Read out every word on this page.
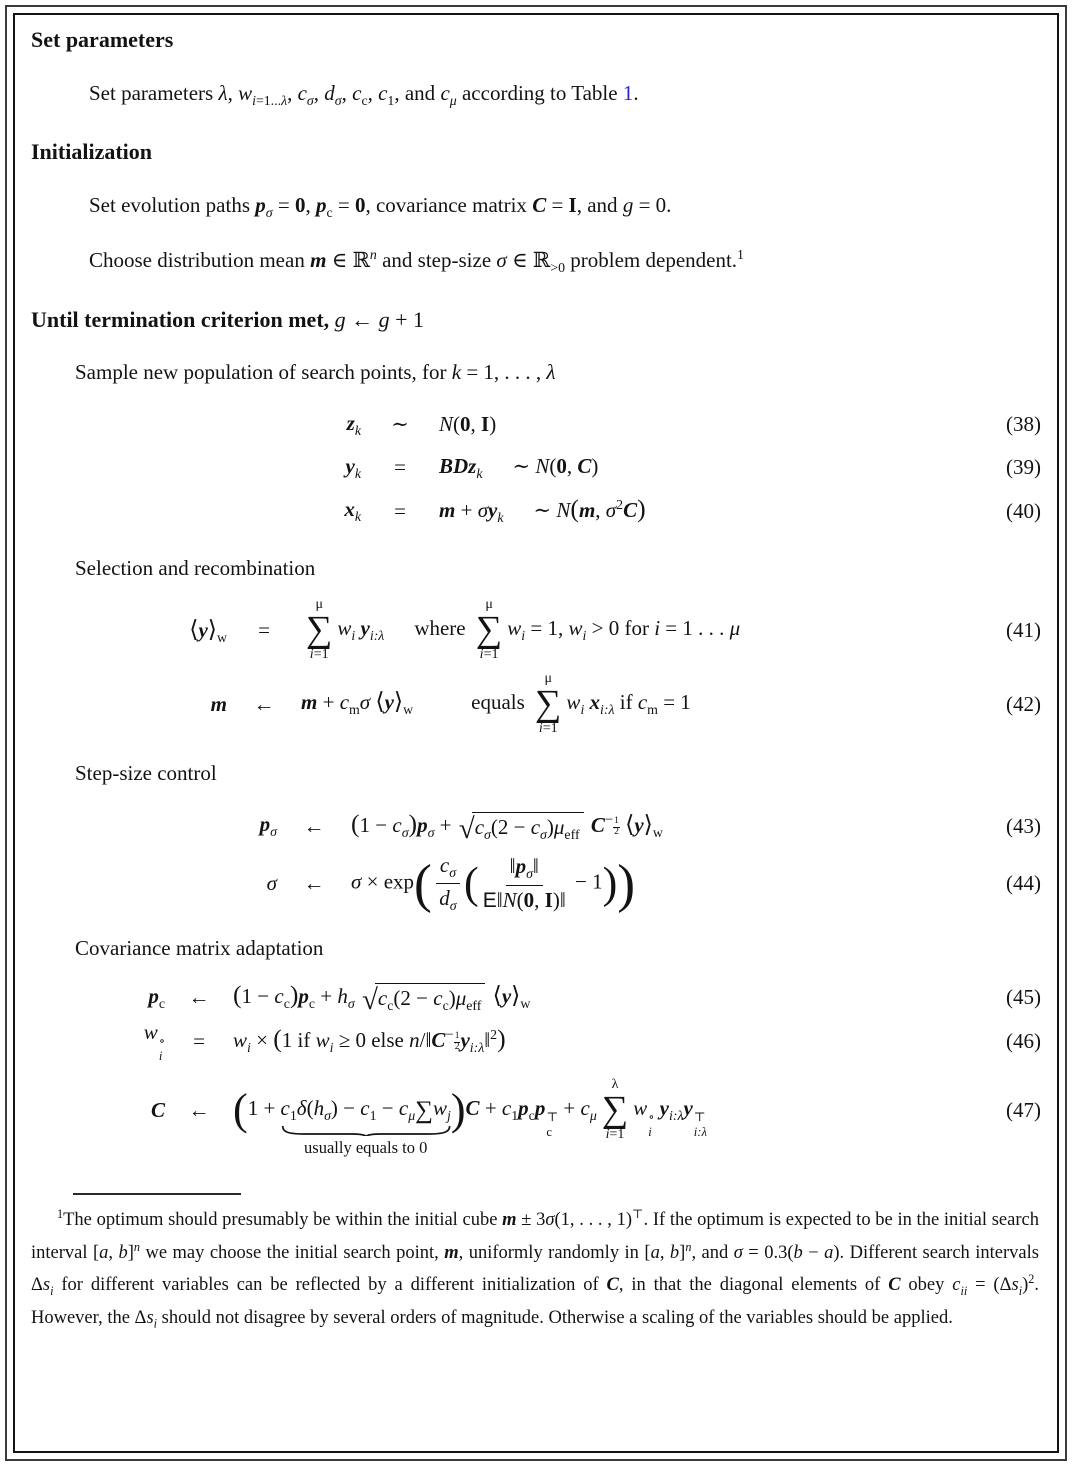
Set parameters
Set parameters λ, $w_{i=1...\lambda}$, $c_\sigma$, $d_\sigma$, $c_c$, $c_1$, and $c_\mu$ according to Table 1.
Initialization
Set evolution paths $p_\sigma = 0$, $p_c = 0$, covariance matrix C = I, and g = 0.
Choose distribution mean m ∈ ℝ$^n$ and step-size σ ∈ ℝ$_{>0}$ problem dependent.$^1$
Until termination criterion met, g ← g + 1
Sample new population of search points, for k = 1, . . . , λ
$z_k$	∼	N(0, I)	(38)
$y_k$	=	BDz$_k$ ∼ N(0, C)	(39)
$x_k$	=	$m + \sigma y_k$ ∼ N(m, $\sigma^2C$)	(40)
Selection and recombination
$⟨y⟩_w$	=
μ
∑
i=1
$w_i$ $y_{i:\lambda}$ where
μ
∑
i=1
$w_i = 1$, $w_i > 0$ for i = 1 . . . μ	(41)
m	←	$m + c_m\sigma$ $⟨y⟩_w$	equals
μ
∑
i=1
$w_i$ $x_{i:\lambda}$ if $c_m = 1$	(42)
Step-size control
$p_\sigma$	←	$(1 - c_\sigma)p_\sigma$ + √ $c_\sigma(2 - c_\sigma)\mu_{eff}$ $C^{- \frac{1}{2}}$ $⟨y⟩_w$	(43)
σ	←	$\sigma \times \exp( \frac{c_\sigma}{d_\sigma}$ ( $\frac{‖p_\sigma‖}{E‖N(0, I)‖} - 1$))	(44)
Covariance matrix adaptation
$p_c$	← $(1 - c_c)p_c + h_\sigma$ √ $c_c(2 - c_c)\mu_{eff}$ $⟨y⟩_w$	(45)
w ∘
i
=	$w_i \times (1$ if $w_i \ge 0$ else $n/‖C^{- \frac{1}{2}}$ $y_{i:\lambda}‖^2$)	(46)
C	← ($1 + c_1\delta(h_\sigma) - c_1 - c_\mu\sum w_j$
usually equals to 0
)$C + c_1p_cp$ ⊤
c
+ $c_\mu$
λ
∑
i=1
w ∘
i
$y_{i:\lambda}y$ ⊤
i:λ
(47)
$^1$The optimum should presumably be within the initial cube m ± 3σ(1, . . . , 1)⊤. If the optimum is expected to be in the initial search interval [a, b]$^n$ we may choose the initial search point, m, uniformly randomly in [a, b]$^n$, and σ = 0.3(b − a). Different search intervals $\Delta s_i$ for different variables can be reflected by a different initialization of C, in that the diagonal elements of C obey $c_{ii} = (\Delta s_i)^2$. However, the $\Delta s_i$ should not disagree by several orders of magnitude. Otherwise a scaling of the variables should be applied.
